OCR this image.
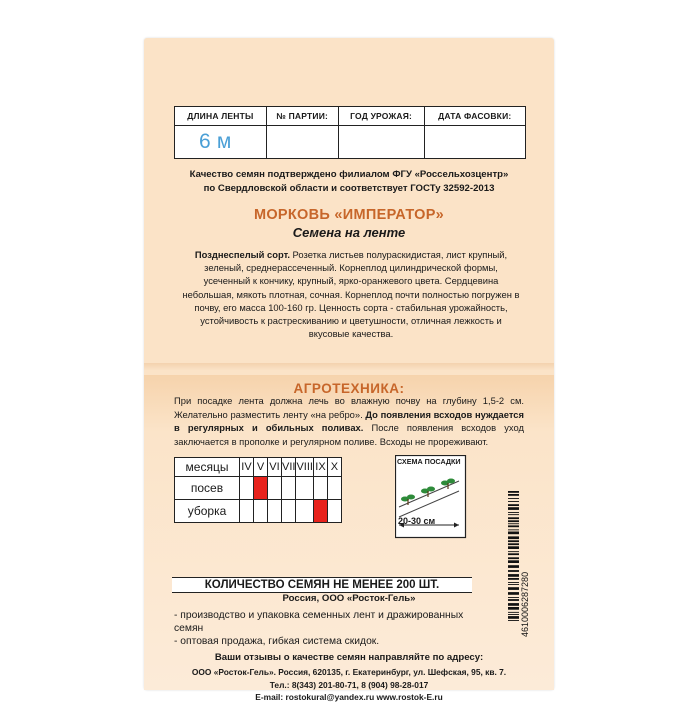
ДЛИНА ЛЕНТЫ	№ ПАРТИИ:	ГОД УРОЖАЯ:	ДАТА ФАСОВКИ:
6 м			
Качество семян подтверждено филиалом ФГУ «Россельхозцентр»
по Свердловской области и соответствует ГОСТу 32592-2013
МОРКОВЬ «ИМПЕРАТОР»
Семена на ленте
Позднеспелый сорт. Розетка листьев полураскидистая, лист крупный, зеленый, среднерассеченный. Корнеплод цилиндрической формы, усеченный к кончику, крупный, ярко-оранжевого цвета. Сердцевина небольшая, мякоть плотная, сочная. Корнеплод почти полностью погружен в почву, его масса 100-160 гр. Ценность сорта - стабильная урожайность, устойчивость к растрескиванию и цветушности, отличная лежкость и вкусовые качества.
АГРОТЕХНИКА:
При посадке лента должна лечь во влажную почву на глубину 1,5-2 см. Желательно разместить ленту «на ребро». До появления всходов нуждается в регулярных и обильных поливах. После появления всходов уход заключается в прополке и регулярном поливе. Всходы не прореживают.
месяцы	IV	V	VI	VII	VIII	IX	X
посев		

уборка						

СХЕМА ПОСАДКИ
20-30 см
4610006287280
КОЛИЧЕСТВО СЕМЯН НЕ МЕНЕЕ 200 ШТ.
Россия, ООО «Росток-Гель»
- производство и упаковка семенных лент и дражированных семян
- оптовая продажа, гибкая система скидок.
Ваши отзывы о качестве семян направляйте по адресу:
ООО «Росток-Гель». Россия, 620135, г. Екатеринбург, ул. Шефская, 95, кв. 7.
Тел.: 8(343) 201-80-71, 8 (904) 98-28-017
E-mail: rostokural@yandex.ru www.rostok-E.ru
